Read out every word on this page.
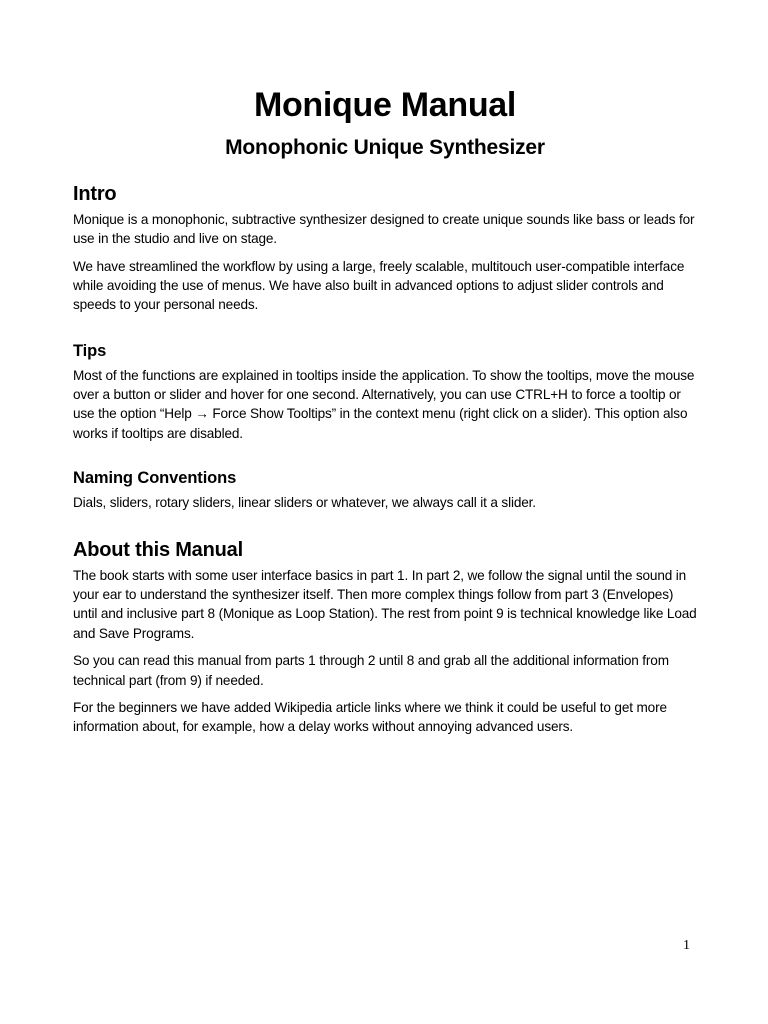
Monique Manual
Monophonic Unique Synthesizer
Intro

Monique is a monophonic, subtractive synthesizer designed to create unique sounds like bass or leads for use in the studio and live on stage.

We have streamlined the workflow by using a large, freely scalable, multitouch user-compatible interface while avoiding the use of menus. We have also built in advanced options to adjust slider controls and speeds to your personal needs.

Tips

Most of the functions are explained in tooltips inside the application. To show the tooltips, move the mouse over a button or slider and hover for one second. Alternatively, you can use CTRL+H to force a tooltip or use the option “Help → Force Show Tooltips” in the context menu (right click on a slider). This option also works if tooltips are disabled.

Naming Conventions

Dials, sliders, rotary sliders, linear sliders or whatever, we always call it a slider.

About this Manual

The book starts with some user interface basics in part 1. In part 2, we follow the signal until the sound in your ear to understand the synthesizer itself. Then more complex things follow from part 3 (Envelopes) until and inclusive part 8 (Monique as Loop Station). The rest from point 9 is technical knowledge like Load and Save Programs.

So you can read this manual from parts 1 through 2 until 8 and grab all the additional information from technical part (from 9) if needed.

For the beginners we have added Wikipedia article links where we think it could be useful to get more information about, for example, how a delay works without annoying advanced users.

1
